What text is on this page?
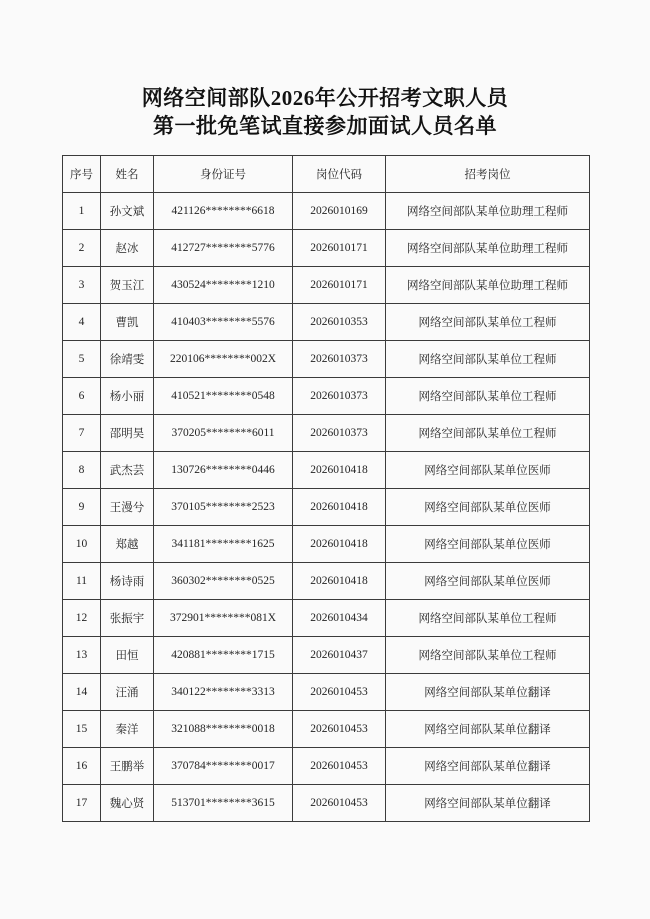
网络空间部队2026年公开招考文职人员
第一批免笔试直接参加面试人员名单
序号	姓名	身份证号	岗位代码	招考岗位
1	孙文斌	421126********6618	2026010169	网络空间部队某单位助理工程师
2	赵冰	412727********5776	2026010171	网络空间部队某单位助理工程师
3	贺玉江	430524********1210	2026010171	网络空间部队某单位助理工程师
4	曹凯	410403********5576	2026010353	网络空间部队某单位工程师
5	徐靖雯	220106********002X	2026010373	网络空间部队某单位工程师
6	杨小丽	410521********0548	2026010373	网络空间部队某单位工程师
7	邵明昊	370205********6011	2026010373	网络空间部队某单位工程师
8	武杰芸	130726********0446	2026010418	网络空间部队某单位医师
9	王漫兮	370105********2523	2026010418	网络空间部队某单位医师
10	郑越	341181********1625	2026010418	网络空间部队某单位医师
11	杨诗雨	360302********0525	2026010418	网络空间部队某单位医师
12	张振宇	372901********081X	2026010434	网络空间部队某单位工程师
13	田恒	420881********1715	2026010437	网络空间部队某单位工程师
14	汪涌	340122********3313	2026010453	网络空间部队某单位翻译
15	秦洋	321088********0018	2026010453	网络空间部队某单位翻译
16	王鹏举	370784********0017	2026010453	网络空间部队某单位翻译
17	魏心贤	513701********3615	2026010453	网络空间部队某单位翻译
